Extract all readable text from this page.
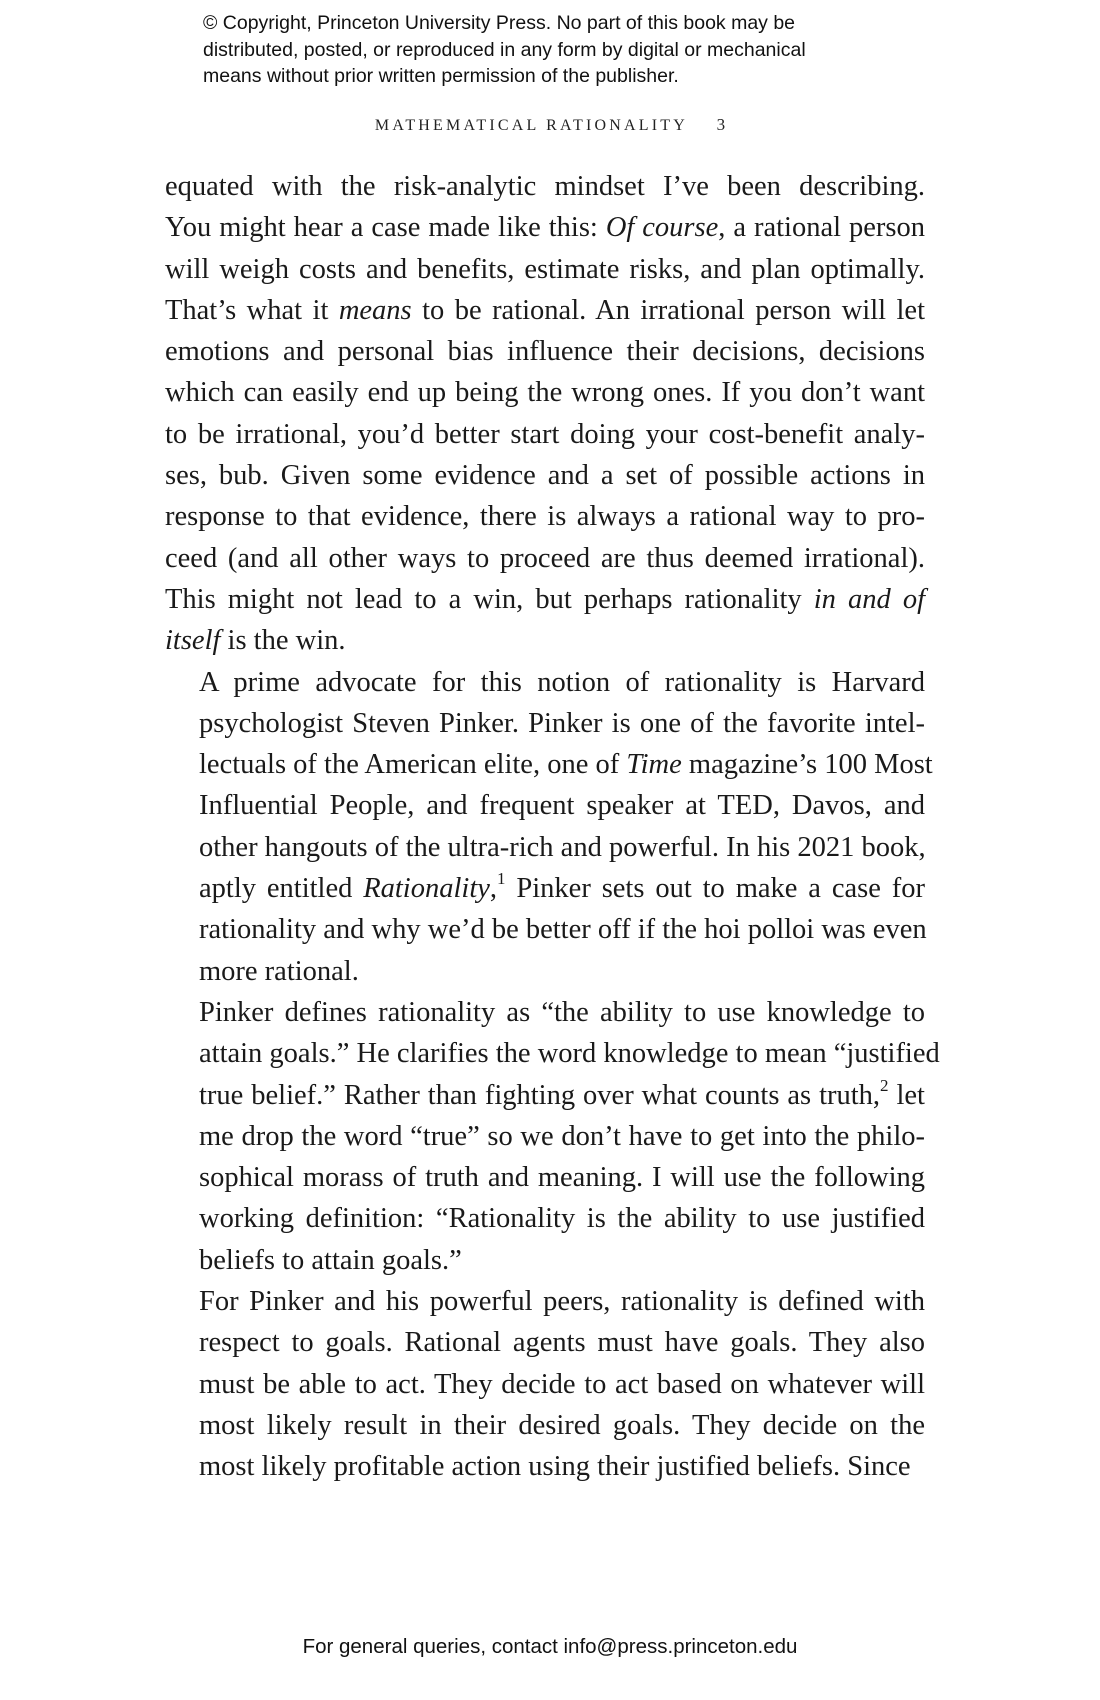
© Copyright, Princeton University Press. No part of this book may be
distributed, posted, or reproduced in any form by digital or mechanical
means without prior written permission of the publisher.
MATHEMATICAL RATIONALITY 3
equated with the risk-analytic mindset I’ve been describing.
You might hear a case made like this: Of course, a rational person
will weigh costs and benefits, estimate risks, and plan optimally.
That’s what it means to be rational. An irrational person will let
emotions and personal bias influence their decisions, decisions
which can easily end up being the wrong ones. If you don’t want
to be irrational, you’d better start doing your cost-benefit analy-
ses, bub. Given some evidence and a set of possible actions in
response to that evidence, there is always a rational way to pro-
ceed (and all other ways to proceed are thus deemed irrational).
This might not lead to a win, but perhaps rationality in and of
itself is the win.
A prime advocate for this notion of rationality is Harvard
psychologist Steven Pinker. Pinker is one of the favorite intel-
lectuals of the American elite, one of Time magazine’s 100 Most
Influential People, and frequent speaker at TED, Davos, and
other hangouts of the ultra-rich and powerful. In his 2021 book,
aptly entitled Rationality,$^1$ Pinker sets out to make a case for
rationality and why we’d be better off if the hoi polloi was even
more rational.
Pinker defines rationality as “the ability to use knowledge to
attain goals.” He clarifies the word knowledge to mean “justified
true belief.” Rather than fighting over what counts as truth,$^2$ let
me drop the word “true” so we don’t have to get into the philo-
sophical morass of truth and meaning. I will use the following
working definition: “Rationality is the ability to use justified
beliefs to attain goals.”
For Pinker and his powerful peers, rationality is defined with
respect to goals. Rational agents must have goals. They also
must be able to act. They decide to act based on whatever will
most likely result in their desired goals. They decide on the
most likely profitable action using their justified beliefs. Since
For general queries, contact info@press.princeton.edu
